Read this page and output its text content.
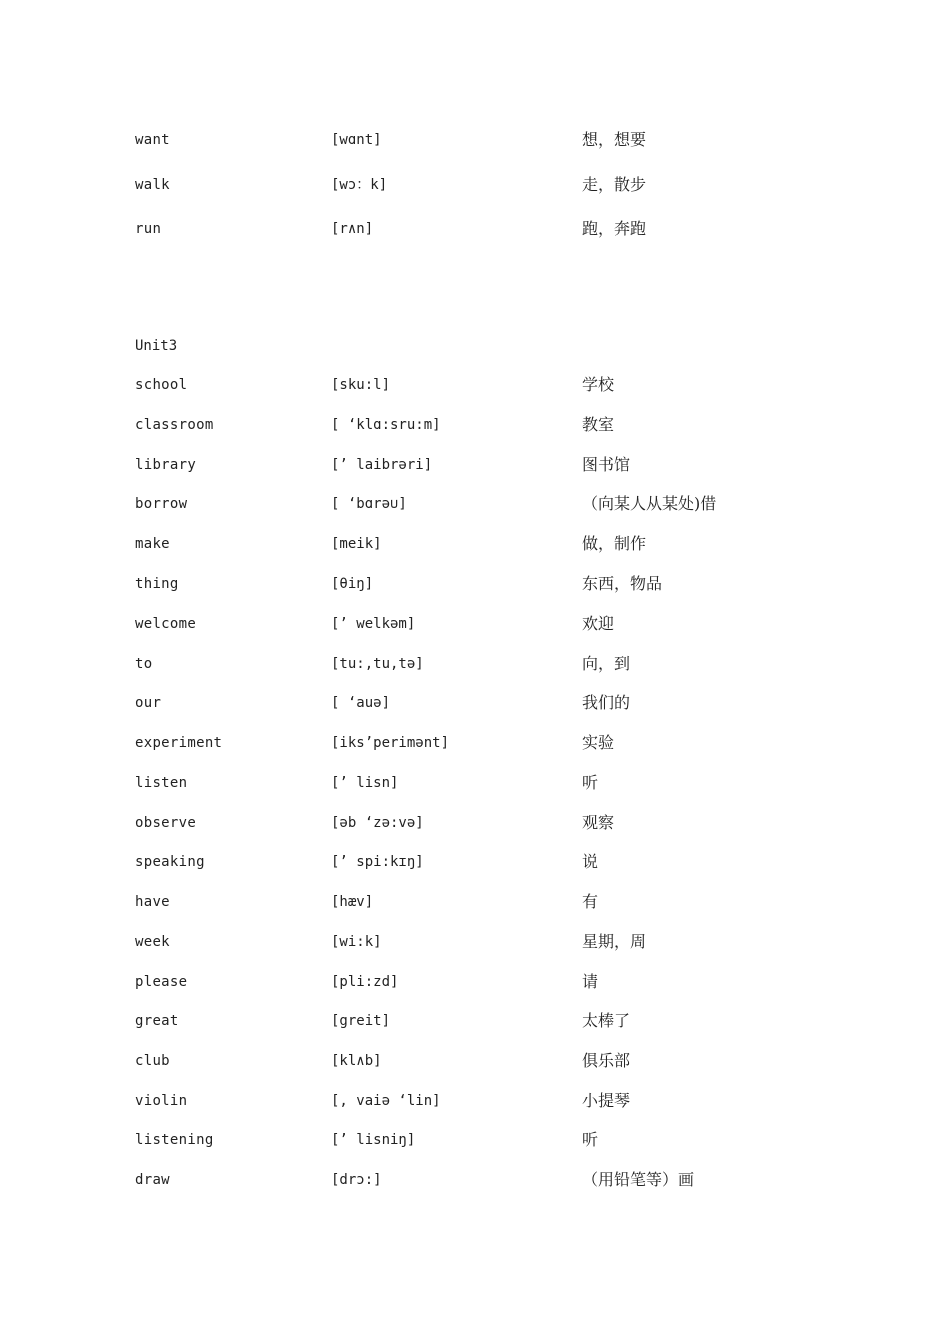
want	[wɑnt]	想，想要
walk	[wɔ：k]	走，散步
run	[r∧n]	跑，奔跑
Unit3
school	[sku:l]	学校
classroom	[ ‘klɑ:sru:m]	教室
library	[’ laibrəri]	图书馆
borrow	[ ‘bɑrə∪]	（向某人从某处)借
make	[meik]	做，制作
thing	[θiŋ]	东西，物品
welcome	[’ welkəm]	欢迎
to	[tu:,tu,tə]	向，到
our	[ ‘auə]	我们的
experiment	[iks’perimənt]	实验
listen	[’ lisn]	听
observe	[əb ‘zə:və]	观察
speaking	[’ spi:kɪŋ]	说
have	[hæv]	有
week	[wi:k]	星期，周
please	[pli:zd]	请
great	[greit]	太棒了
club	[kl∧b]	俱乐部
violin	[, vaiə ‘lin]	小提琴
listening	[’ lisniŋ]	听
draw	[drɔ:]	（用铅笔等）画
